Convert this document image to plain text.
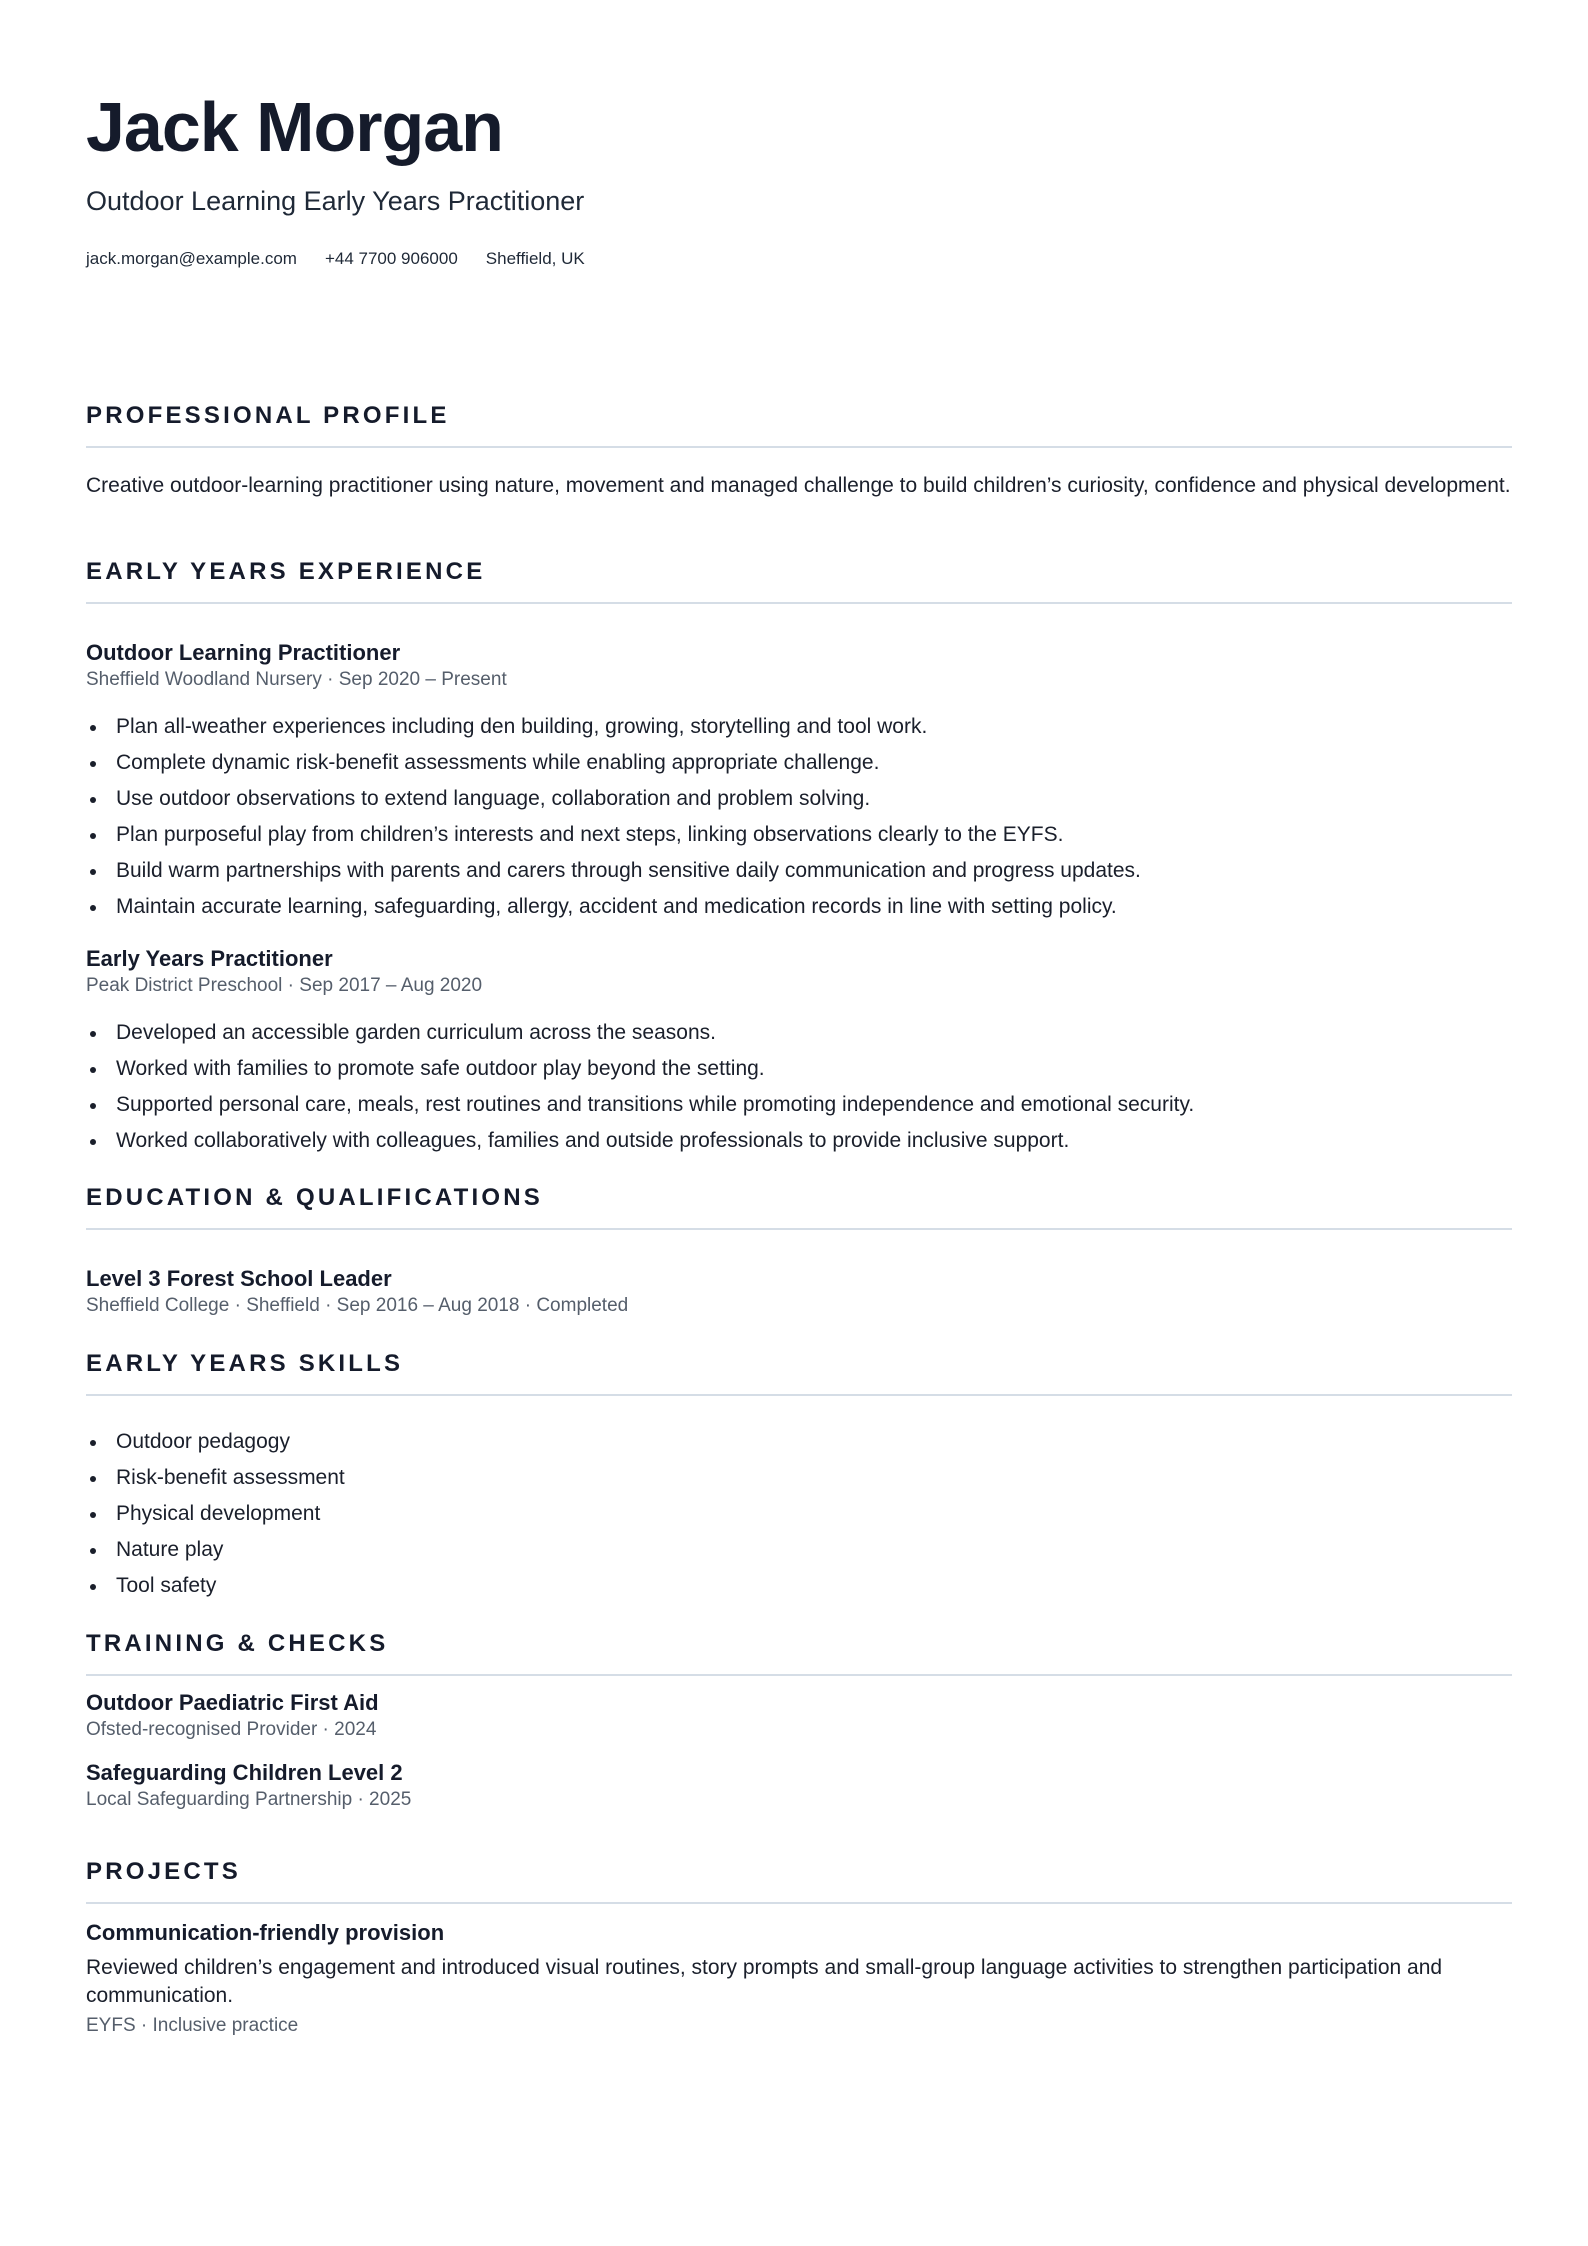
Jack Morgan
Outdoor Learning Early Years Practitioner
jack.morgan@example.com +44 7700 906000 Sheffield, UK
PROFESSIONAL PROFILE
Creative outdoor-learning practitioner using nature, movement and managed challenge to build children’s curiosity, confidence and physical development.
EARLY YEARS EXPERIENCE
Outdoor Learning Practitioner
Sheffield Woodland Nursery · Sep 2020 – Present
Plan all-weather experiences including den building, growing, storytelling and tool work.
Complete dynamic risk-benefit assessments while enabling appropriate challenge.
Use outdoor observations to extend language, collaboration and problem solving.
Plan purposeful play from children’s interests and next steps, linking observations clearly to the EYFS.
Build warm partnerships with parents and carers through sensitive daily communication and progress updates.
Maintain accurate learning, safeguarding, allergy, accident and medication records in line with setting policy.
Early Years Practitioner
Peak District Preschool · Sep 2017 – Aug 2020
Developed an accessible garden curriculum across the seasons.
Worked with families to promote safe outdoor play beyond the setting.
Supported personal care, meals, rest routines and transitions while promoting independence and emotional security.
Worked collaboratively with colleagues, families and outside professionals to provide inclusive support.
EDUCATION & QUALIFICATIONS
Level 3 Forest School Leader
Sheffield College · Sheffield · Sep 2016 – Aug 2018 · Completed
EARLY YEARS SKILLS
Outdoor pedagogy
Risk-benefit assessment
Physical development
Nature play
Tool safety
TRAINING & CHECKS
Outdoor Paediatric First Aid
Ofsted-recognised Provider · 2024
Safeguarding Children Level 2
Local Safeguarding Partnership · 2025
PROJECTS
Communication-friendly provision
Reviewed children’s engagement and introduced visual routines, story prompts and small-group language activities to strengthen participation and communication.
EYFS · Inclusive practice
